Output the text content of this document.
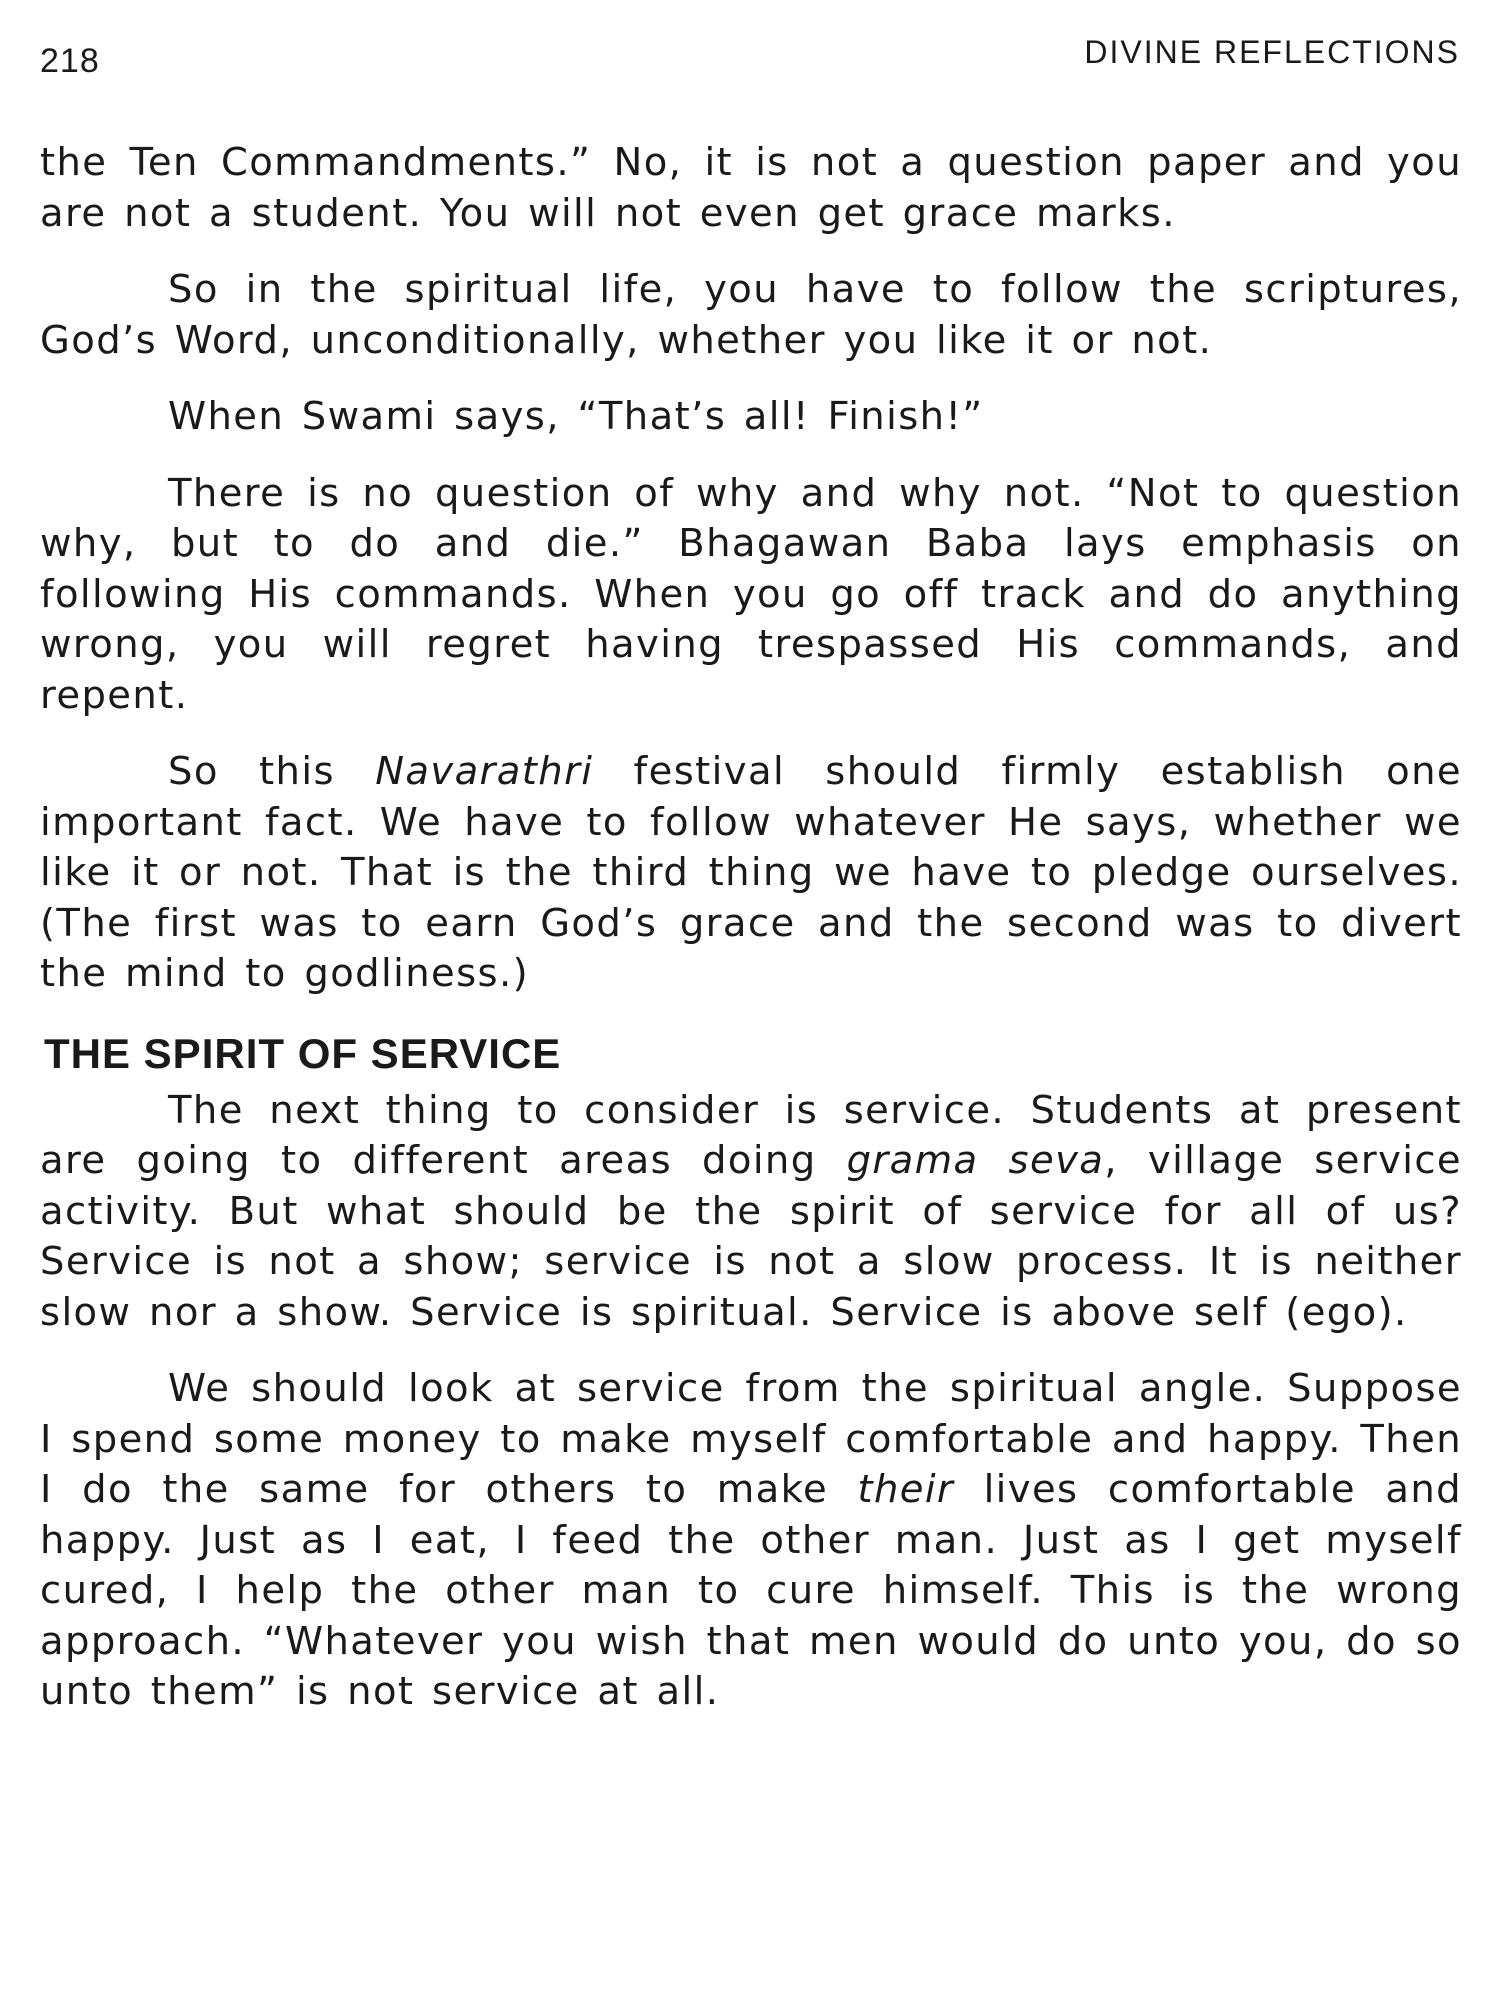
218	DIVINE REFLECTIONS

the Ten Commandments.” No, it is not a question paper and you are not a student. You will not even get grace marks.

So in the spiritual life, you have to follow the scriptures, God’s Word, unconditionally, whether you like it or not.

When Swami says, “That’s all! Finish!”

There is no question of why and why not. “Not to question why, but to do and die.” Bhagawan Baba lays emphasis on following His commands. When you go off track and do anything wrong, you will regret having trespassed His commands, and repent.

So this Navarathri festival should firmly establish one important fact. We have to follow whatever He says, whether we like it or not. That is the third thing we have to pledge ourselves. (The first was to earn God’s grace and the second was to divert the mind to godliness.)

THE SPIRIT OF SERVICE

The next thing to consider is service. Students at present are going to different areas doing grama seva, village service activity. But what should be the spirit of service for all of us? Service is not a show; service is not a slow process. It is neither slow nor a show. Service is spiritual. Service is above self (ego).

We should look at service from the spiritual angle. Suppose I spend some money to make myself comfortable and happy. Then I do the same for others to make their lives comfortable and happy. Just as I eat, I feed the other man. Just as I get myself cured, I help the other man to cure himself. This is the wrong approach. “Whatever you wish that men would do unto you, do so unto them” is not service at all.
